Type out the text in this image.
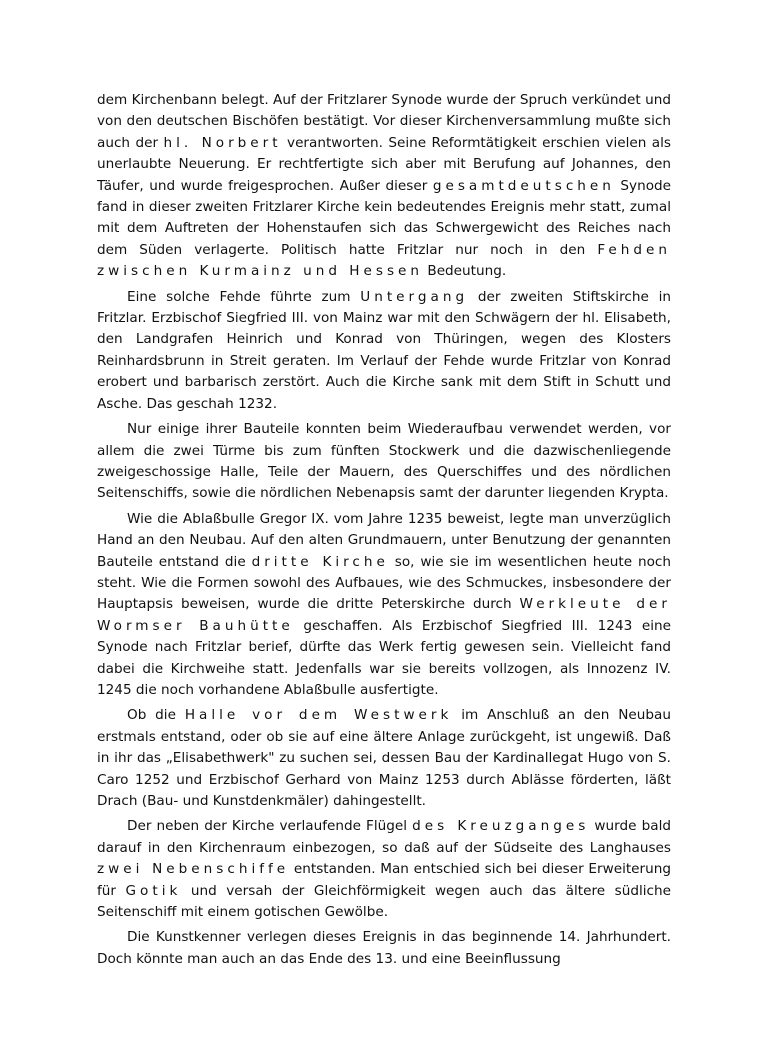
dem Kirchenbann belegt. Auf der Fritzlarer Synode wurde der Spruch verkündet und von den deutschen Bischöfen bestätigt. Vor dieser Kirchenversammlung mußte sich auch der hl. Norbert verantworten. Seine Reformtätigkeit erschien vielen als unerlaubte Neuerung. Er rechtfertigte sich aber mit Berufung auf Johannes, den Täufer, und wurde freigesprochen. Außer dieser gesamtdeutschen Synode fand in dieser zweiten Fritzlarer Kirche kein bedeutendes Ereignis mehr statt, zumal mit dem Auftreten der Hohenstaufen sich das Schwergewicht des Reiches nach dem Süden verlagerte. Politisch hatte Fritzlar nur noch in den Fehden zwischen Kurmainz und Hessen Bedeutung.

Eine solche Fehde führte zum Untergang der zweiten Stiftskirche in Fritzlar. Erzbischof Siegfried III. von Mainz war mit den Schwägern der hl. Elisabeth, den Landgrafen Heinrich und Konrad von Thüringen, wegen des Klosters Reinhardsbrunn in Streit geraten. Im Verlauf der Fehde wurde Fritzlar von Konrad erobert und barbarisch zerstört. Auch die Kirche sank mit dem Stift in Schutt und Asche. Das geschah 1232.

Nur einige ihrer Bauteile konnten beim Wiederaufbau verwendet werden, vor allem die zwei Türme bis zum fünften Stockwerk und die dazwischenliegende zweigeschossige Halle, Teile der Mauern, des Querschiffes und des nördlichen Seitenschiffs, sowie die nördlichen Nebenapsis samt der darunter liegenden Krypta.

Wie die Ablaßbulle Gregor IX. vom Jahre 1235 beweist, legte man unverzüglich Hand an den Neubau. Auf den alten Grundmauern, unter Benutzung der genannten Bauteile entstand die dritte Kirche so, wie sie im wesentlichen heute noch steht. Wie die Formen sowohl des Aufbaues, wie des Schmuckes, insbesondere der Hauptapsis beweisen, wurde die dritte Peterskirche durch Werkleute der Wormser Bauhütte geschaffen. Als Erzbischof Siegfried III. 1243 eine Synode nach Fritzlar berief, dürfte das Werk fertig gewesen sein. Vielleicht fand dabei die Kirchweihe statt. Jedenfalls war sie bereits vollzogen, als Innozenz IV. 1245 die noch vorhandene Ablaßbulle ausfertigte.

Ob die Halle vor dem Westwerk im Anschluß an den Neubau erstmals entstand, oder ob sie auf eine ältere Anlage zurückgeht, ist ungewiß. Daß in ihr das „Elisabethwerk" zu suchen sei, dessen Bau der Kardinallegat Hugo von S. Caro 1252 und Erzbischof Gerhard von Mainz 1253 durch Ablässe förderten, läßt Drach (Bau- und Kunstdenkmäler) dahingestellt.

Der neben der Kirche verlaufende Flügel des Kreuzganges wurde bald darauf in den Kirchenraum einbezogen, so daß auf der Südseite des Langhauses zwei Nebenschiffe entstanden. Man entschied sich bei dieser Erweiterung für Gotik und versah der Gleichförmigkeit wegen auch das ältere südliche Seitenschiff mit einem gotischen Gewölbe.

Die Kunstkenner verlegen dieses Ereignis in das beginnende 14. Jahrhundert. Doch könnte man auch an das Ende des 13. und eine Beeinflussung
